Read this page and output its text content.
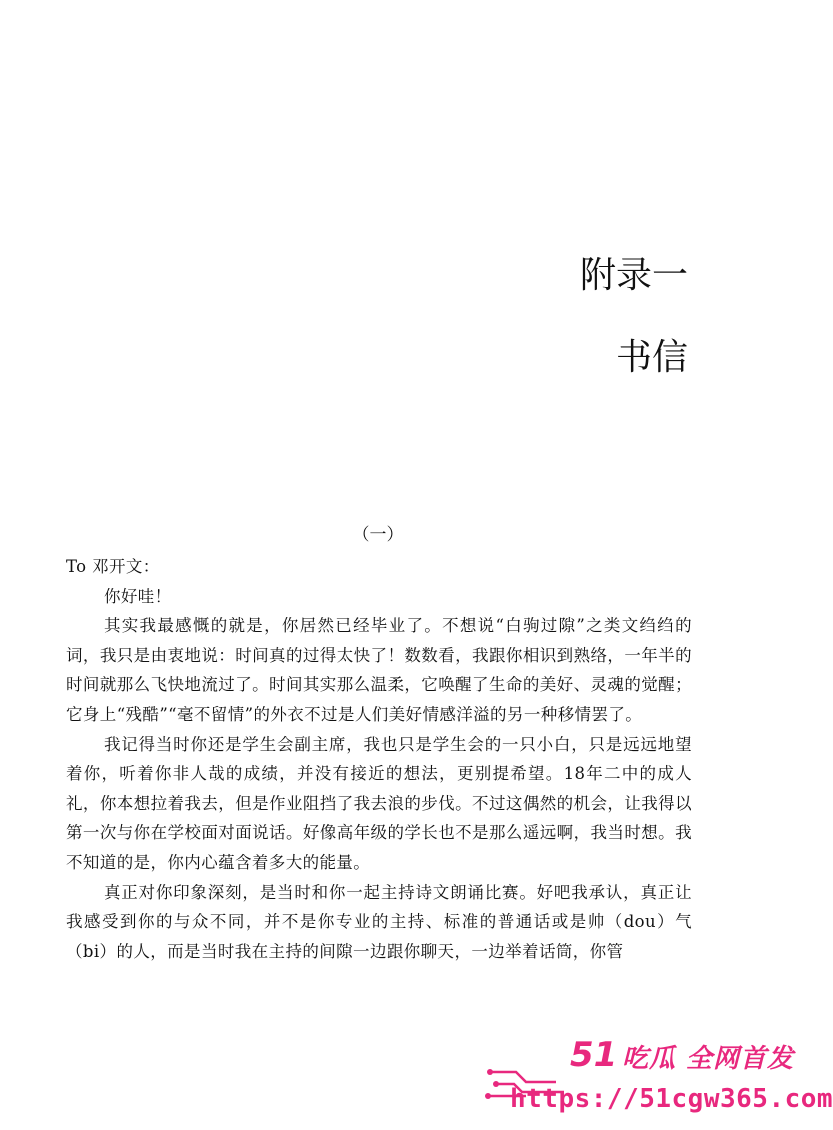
附录一
书信
（一）

To 邓开文：

你好哇！

其实我最感慨的就是，你居然已经毕业了。不想说“白驹过隙”之类文绉绉的词，我只是由衷地说：时间真的过得太快了！数数看，我跟你相识到熟络，一年半的时间就那么飞快地流过了。时间其实那么温柔，它唤醒了生命的美好、灵魂的觉醒；它身上“残酷”“毫不留情”的外衣不过是人们美好情感洋溢的另一种移情罢了。

我记得当时你还是学生会副主席，我也只是学生会的一只小白，只是远远地望着你，听着你非人哉的成绩，并没有接近的想法，更别提希望。18年二中的成人礼，你本想拉着我去，但是作业阻挡了我去浪的步伐。不过这偶然的机会，让我得以第一次与你在学校面对面说话。好像高年级的学长也不是那么遥远啊，我当时想。我不知道的是，你内心蕴含着多大的能量。

真正对你印象深刻，是当时和你一起主持诗文朗诵比赛。好吧我承认，真正让我感受到你的与众不同，并不是你专业的主持、标准的普通话或是帅（dou）气（bi）的人，而是当时我在主持的间隙一边跟你聊天，一边举着话筒，你管

51 吃瓜 全网首发
https://51cgw365.com
